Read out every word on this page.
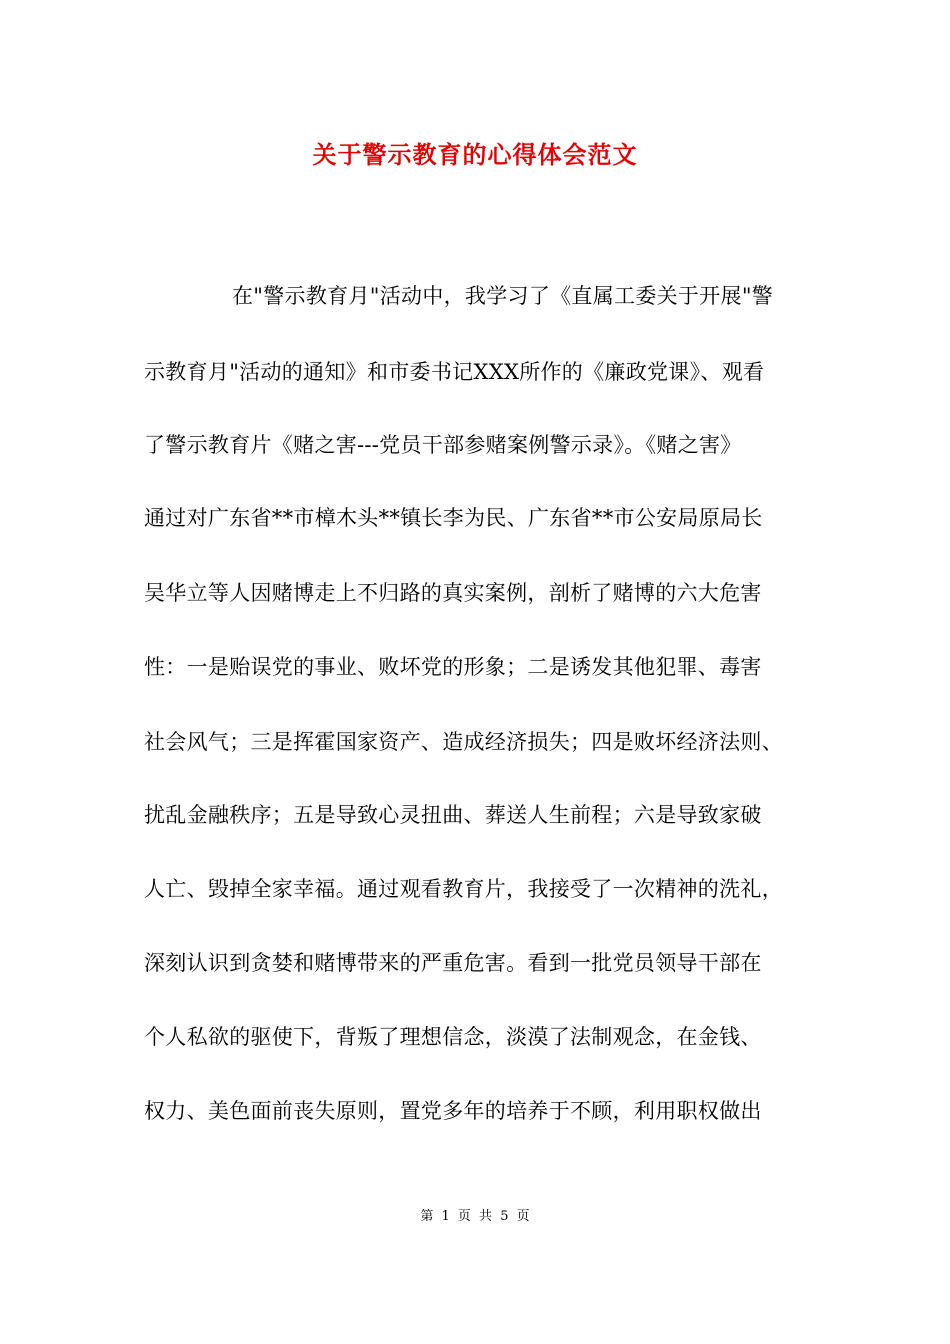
关于警示教育的心得体会范文
在"警示教育月"活动中，我学习了《直属工委关于开展"警
示教育月"活动的通知》和市委书记XXX所作的《廉政党课》、观看
了警示教育片《赌之害---党员干部参赌案例警示录》。《赌之害》
通过对广东省**市樟木头**镇长李为民、广东省**市公安局原局长
吴华立等人因赌博走上不归路的真实案例，剖析了赌博的六大危害
性：一是贻误党的事业、败坏党的形象；二是诱发其他犯罪、毒害
社会风气；三是挥霍国家资产、造成经济损失；四是败坏经济法则、
扰乱金融秩序；五是导致心灵扭曲、葬送人生前程；六是导致家破
人亡、毁掉全家幸福。通过观看教育片，我接受了一次精神的洗礼，
深刻认识到贪婪和赌博带来的严重危害。看到一批党员领导干部在
个人私欲的驱使下，背叛了理想信念，淡漠了法制观念，在金钱、
权力、美色面前丧失原则，置党多年的培养于不顾，利用职权做出
第 1 页 共 5 页
